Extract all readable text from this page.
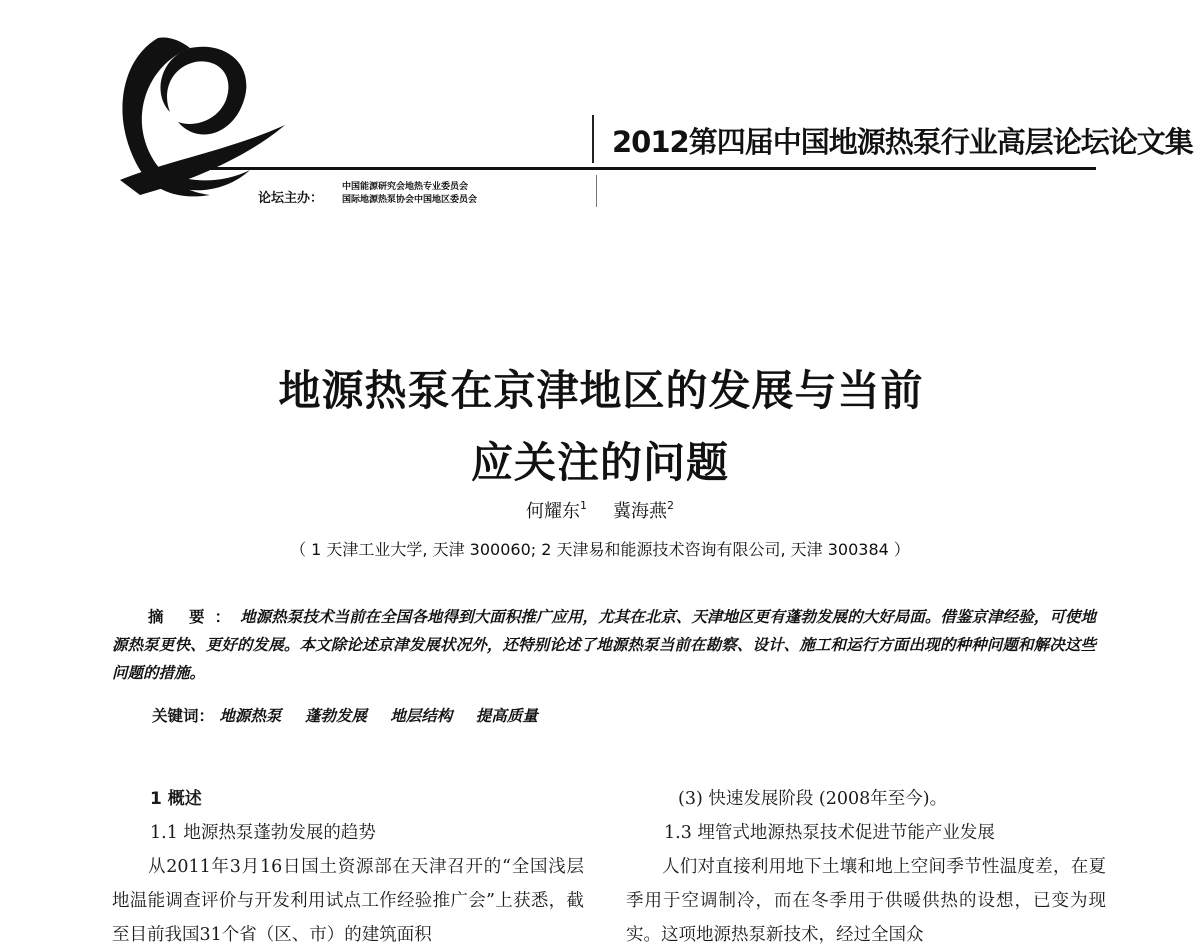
2012第四届中国地源热泵行业高层论坛论文集
论坛主办：
中国能源研究会地热专业委员会
国际地源热泵协会中国地区委员会
地源热泵在京津地区的发展与当前
应关注的问题
何耀东$^1$ 冀海燕$^2$
（ 1 天津工业大学, 天津 300060; 2 天津易和能源技术咨询有限公司, 天津 300384 ）
摘 要：地源热泵技术当前在全国各地得到大面积推广应用，尤其在北京、天津地区更有蓬勃发展的大好局面。借鉴京津经验，可使地源热泵更快、更好的发展。本文除论述京津发展状况外，还特别论述了地源热泵当前在勘察、设计、施工和运行方面出现的种种问题和解决这些问题的措施。
关键词： 地源热泵 蓬勃发展 地层结构 提高质量
1 概述
1.1 地源热泵蓬勃发展的趋势
从2011年3月16日国土资源部在天津召开的“全国浅层地温能调查评价与开发利用试点工作经验推广会”上获悉，截至目前我国31个省（区、市）的建筑面积
(3) 快速发展阶段 (2008年至今)。
1.3 埋管式地源热泵技术促进节能产业发展
人们对直接利用地下土壤和地上空间季节性温度差，在夏季用于空调制冷，而在冬季用于供暖供热的设想，已变为现实。这项地源热泵新技术，经过全国众
